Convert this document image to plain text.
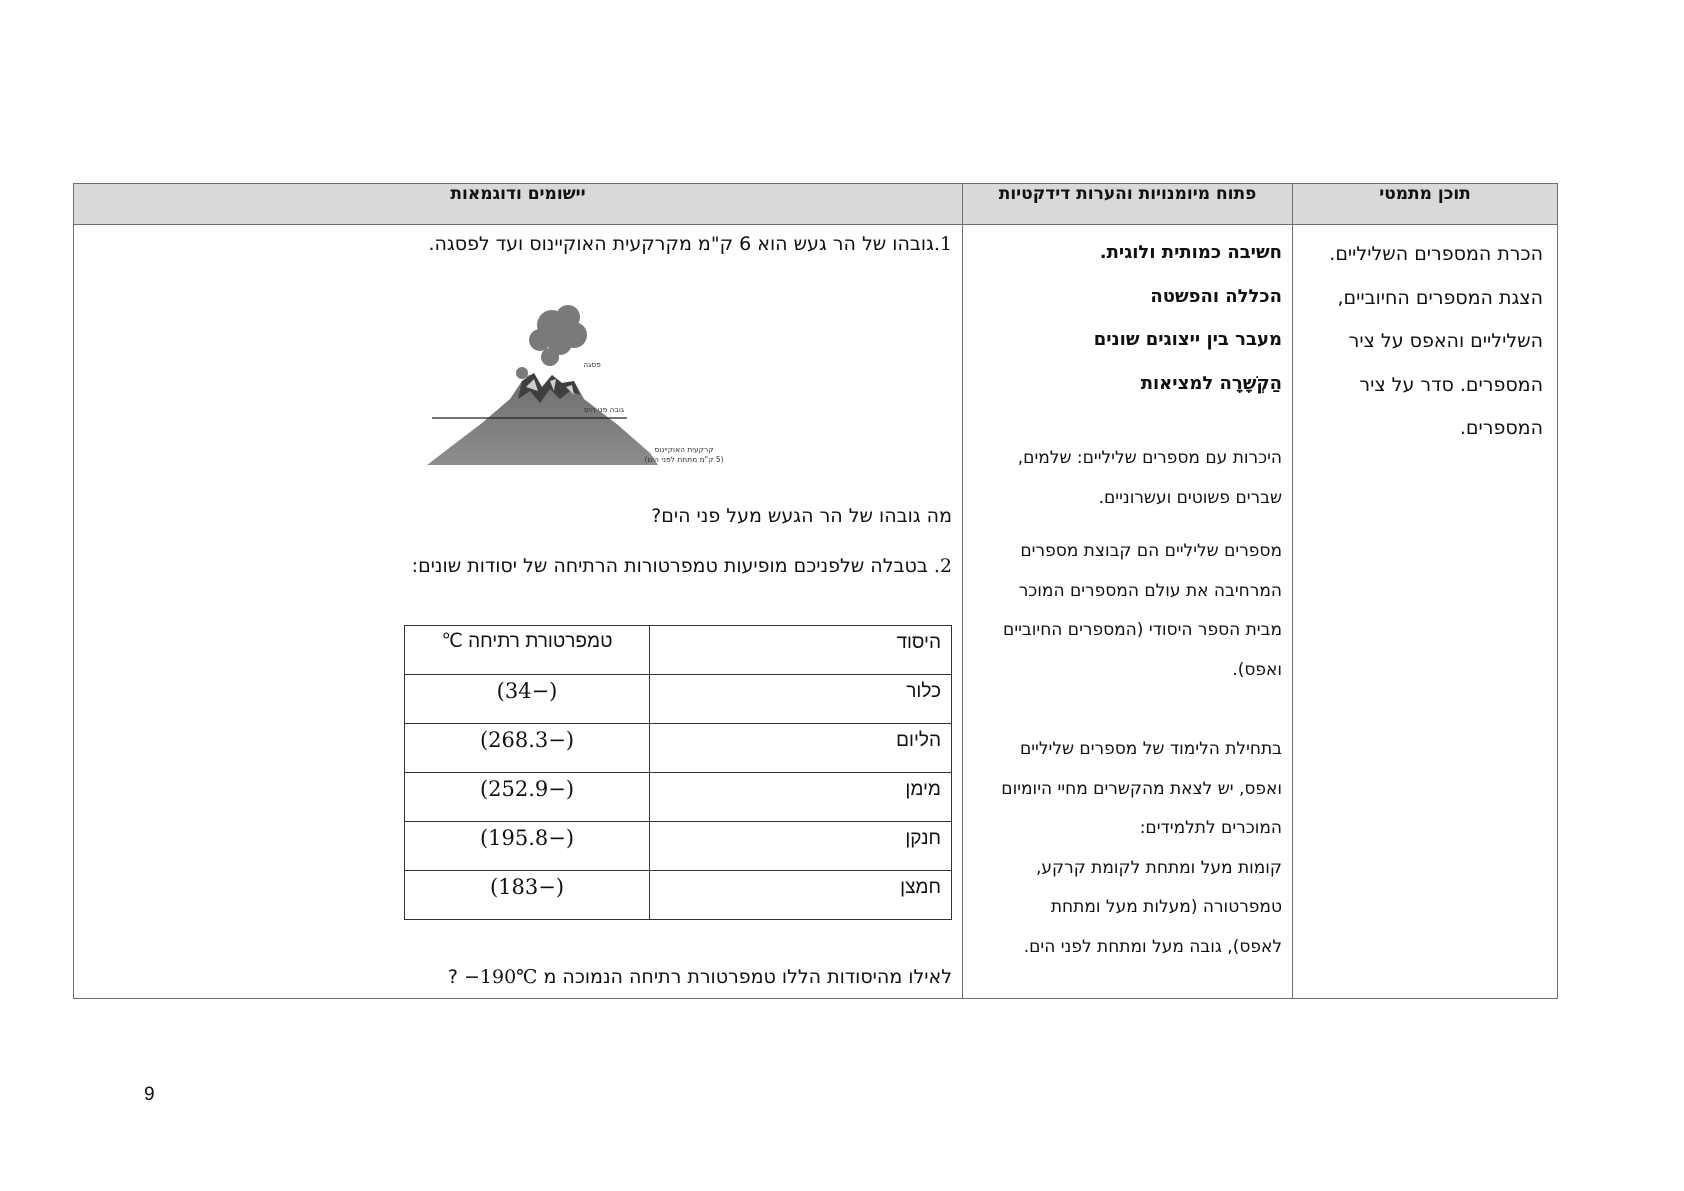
תוכן מתמטי	פתוח מיומנויות והערות דידקטיות	יישומים ודוגמאות

הכרת המספרים השליליים.
הצגת המספרים החיוביים,
השליליים והאפס על ציר
המספרים. סדר על ציר
המספרים.

חשיבה כמותית ולוגית.
הכללה והפשטה
מעבר בין ייצוגים שונים
הַקְשָׁרָה למציאות
היכרות עם מספרים שליליים: שלמים,
שברים פשוטים ועשרוניים.
מספרים שליליים הם קבוצת מספרים
המרחיבה את עולם המספרים המוכר
מבית הספר היסודי (המספרים החיוביים
ואפס).
בתחילת הלימוד של מספרים שליליים
ואפס, יש לצאת מהקשרים מחיי היומיום
המוכרים לתלמידים:
קומות מעל ומתחת לקומת קרקע,
טמפרטורה (מעלות מעל ומתחת
לאפס), גובה מעל ומתחת לפני הים.

1.גובהו של הר געש הוא 6 ק"מ מקרקעית האוקיינוס ועד לפסגה.
פסגה
גובה פני הים
קרקעית האוקיינוס
(5 ק"מ מתחת לפני הים)
מה גובהו של הר הגעש מעל פני הים?
2. בטבלה שלפניכם מופיעות טמפרטורות הרתיחה של יסודות שונים:
היסוד	טמפרטורת רתיחה ℃
כלור	(−34)
הליום	(−268.3)
מימן	(−252.9)
חנקן	(−195.8)
חמצן	(−183)
לאילו מהיסודות הללו טמפרטורת רתיחה הנמוכה מ −190℃ ?
9
